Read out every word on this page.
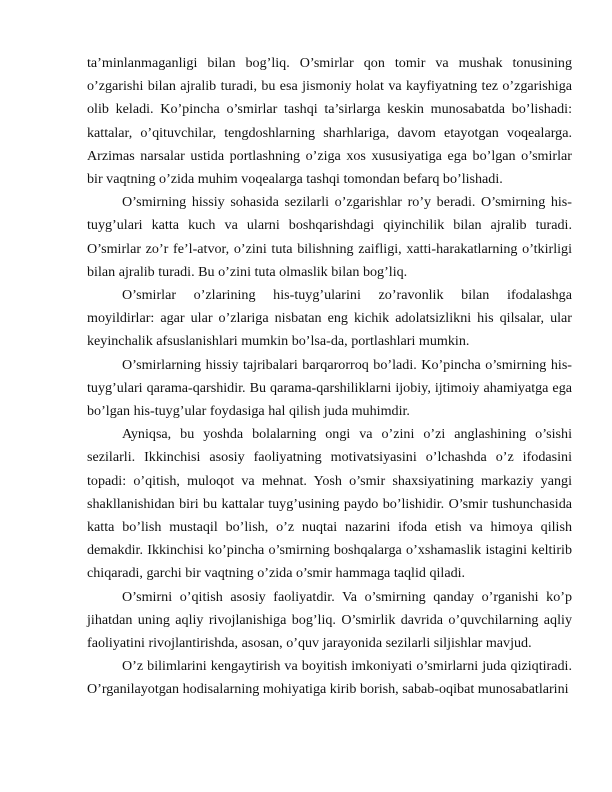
ta’minlanmaganligi bilan bog’liq. O’smirlar qon tomir va mushak tonusining o’zgarishi bilan ajralib turadi, bu esa jismoniy holat va kayfiyatning tez o’zgarishiga olib keladi. Ko’pincha o’smirlar tashqi ta’sirlarga keskin munosabatda bo’lishadi: kattalar, o’qituvchilar, tengdoshlarning sharhlariga, davom etayotgan voqealarga. Arzimas narsalar ustida portlashning o’ziga xos xususiyatiga ega bo’lgan o’smirlar bir vaqtning o’zida muhim voqealarga tashqi tomondan befarq bo’lishadi.

O’smirning hissiy sohasida sezilarli o’zgarishlar ro’y beradi. O’smirning his-tuyg’ulari katta kuch va ularni boshqarishdagi qiyinchilik bilan ajralib turadi. O’smirlar zo’r fe’l-atvor, o’zini tuta bilishning zaifligi, xatti-harakatlarning o’tkirligi bilan ajralib turadi. Bu o’zini tuta olmaslik bilan bog’liq.

O’smirlar o’zlarining his-tuyg’ularini zo’ravonlik bilan ifodalashga moyildirlar: agar ular o’zlariga nisbatan eng kichik adolatsizlikni his qilsalar, ular keyinchalik afsuslanishlari mumkin bo’lsa-da, portlashlari mumkin.

O’smirlarning hissiy tajribalari barqarorroq bo’ladi. Ko’pincha o’smirning his-tuyg’ulari qarama-qarshidir. Bu qarama-qarshiliklarni ijobiy, ijtimoiy ahamiyatga ega bo’lgan his-tuyg’ular foydasiga hal qilish juda muhimdir.

Ayniqsa, bu yoshda bolalarning ongi va o’zini o’zi anglashining o’sishi sezilarli. Ikkinchisi asosiy faoliyatning motivatsiyasini o’lchashda o’z ifodasini topadi: o’qitish, muloqot va mehnat. Yosh o’smir shaxsiyatining markaziy yangi shakllanishidan biri bu kattalar tuyg’usining paydo bo’lishidir. O’smir tushunchasida katta bo’lish mustaqil bo’lish, o’z nuqtai nazarini ifoda etish va himoya qilish demakdir. Ikkinchisi ko’pincha o’smirning boshqalarga o’xshamaslik istagini keltirib chiqaradi, garchi bir vaqtning o’zida o’smir hammaga taqlid qiladi.

O’smirni o’qitish asosiy faoliyatdir. Va o’smirning qanday o’rganishi ko’p jihatdan uning aqliy rivojlanishiga bog’liq. O’smirlik davrida o’quvchilarning aqliy faoliyatini rivojlantirishda, asosan, o’quv jarayonida sezilarli siljishlar mavjud.

O’z bilimlarini kengaytirish va boyitish imkoniyati o’smirlarni juda qiziqtiradi. O’rganilayotgan hodisalarning mohiyatiga kirib borish, sabab-oqibat munosabatlarini
